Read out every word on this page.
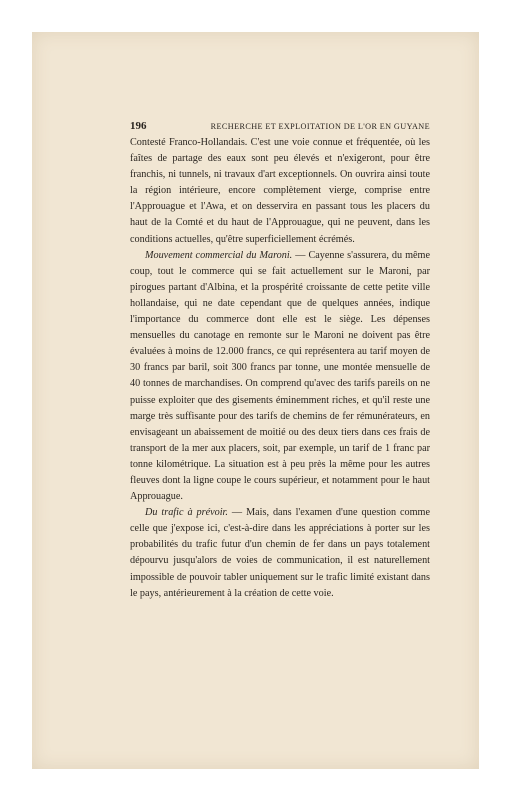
196	RECHERCHE ET EXPLOITATION DE L'OR EN GUYANE

Contesté Franco-Hollandais. C'est une voie connue et fréquentée, où les faîtes de partage des eaux sont peu élevés et n'exigeront, pour être franchis, ni tunnels, ni travaux d'art exceptionnels. On ouvrira ainsi toute la région intérieure, encore complètement vierge, comprise entre l'Approuague et l'Awa, et on desservira en passant tous les placers du haut de la Comté et du haut de l'Approuague, qui ne peuvent, dans les conditions actuelles, qu'être superficiellement écrémés.

Mouvement commercial du Maroni. — Cayenne s'assurera, du même coup, tout le commerce qui se fait actuellement sur le Maroni, par pirogues partant d'Albina, et la prospérité croissante de cette petite ville hollandaise, qui ne date cependant que de quelques années, indique l'importance du commerce dont elle est le siège. Les dépenses mensuelles du canotage en remonte sur le Maroni ne doivent pas être évaluées à moins de 12.000 francs, ce qui représentera au tarif moyen de 30 francs par baril, soit 300 francs par tonne, une montée mensuelle de 40 tonnes de marchandises. On comprend qu'avec des tarifs pareils on ne puisse exploiter que des gisements éminemment riches, et qu'il reste une marge très suffisante pour des tarifs de chemins de fer rémunérateurs, en envisageant un abaissement de moitié ou des deux tiers dans ces frais de transport de la mer aux placers, soit, par exemple, un tarif de 1 franc par tonne kilométrique. La situation est à peu près la même pour les autres fleuves dont la ligne coupe le cours supérieur, et notamment pour le haut Approuague.

Du trafic à prévoir. — Mais, dans l'examen d'une question comme celle que j'expose ici, c'est-à-dire dans les appréciations à porter sur les probabilités du trafic futur d'un chemin de fer dans un pays totalement dépourvu jusqu'alors de voies de communication, il est naturellement impossible de pouvoir tabler uniquement sur le trafic limité existant dans le pays, antérieurement à la création de cette voie.
